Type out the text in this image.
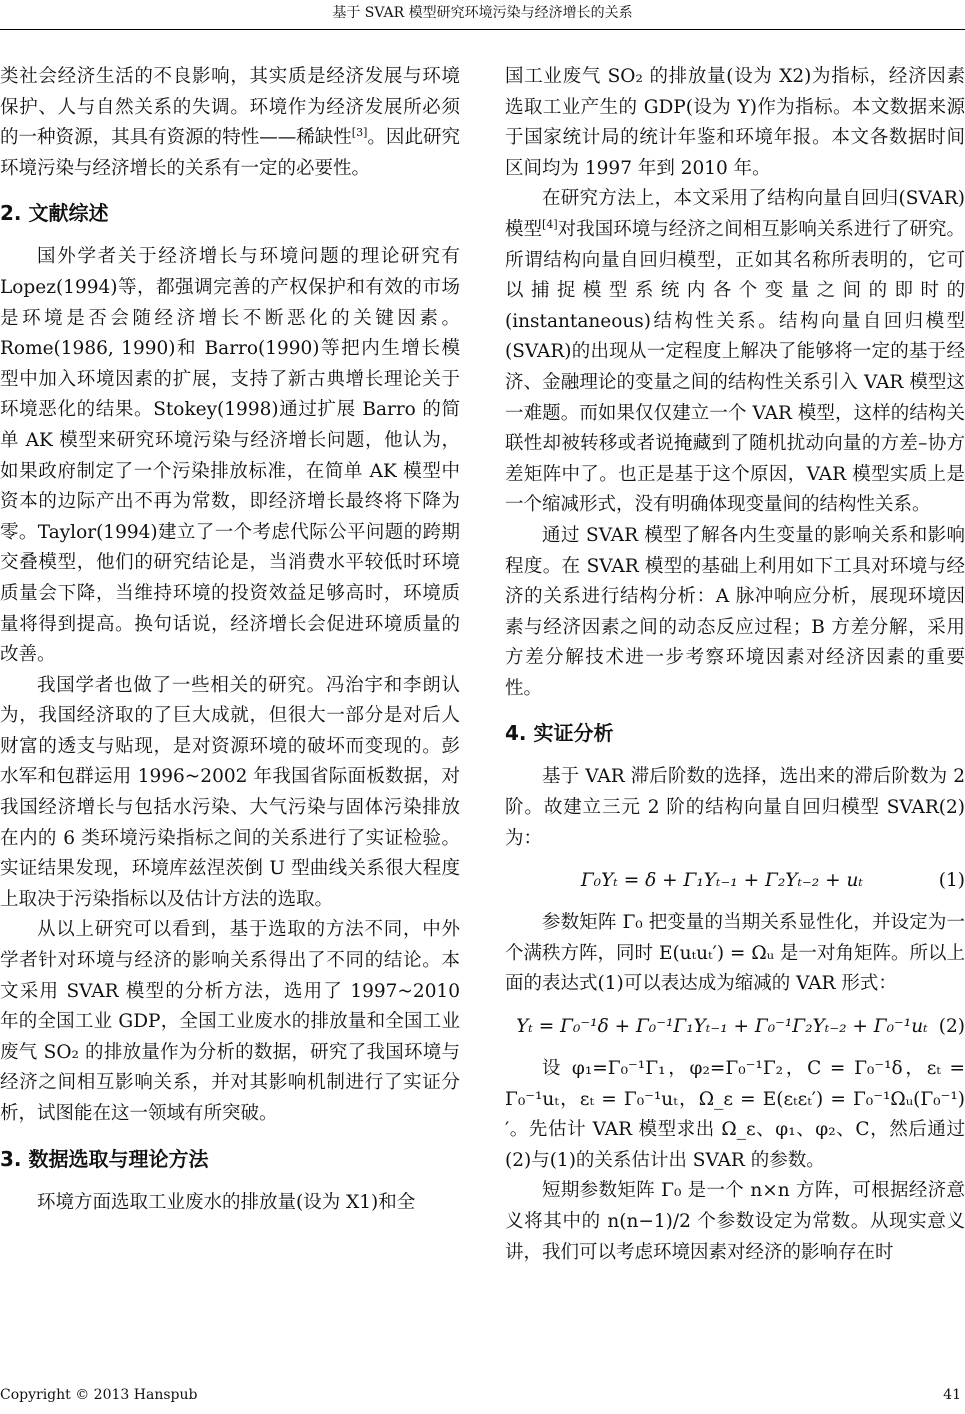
基于 SVAR 模型研究环境污染与经济增长的关系

类社会经济生活的不良影响，其实质是经济发展与环境保护、人与自然关系的失调。环境作为经济发展所必须的一种资源，其具有资源的特性——稀缺性[3]。因此研究环境污染与经济增长的关系有一定的必要性。

2. 文献综述

国外学者关于经济增长与环境问题的理论研究有 Lopez(1994)等，都强调完善的产权保护和有效的市场是环境是否会随经济增长不断恶化的关键因素。Rome(1986, 1990)和 Barro(1990)等把内生增长模型中加入环境因素的扩展，支持了新古典增长理论关于环境恶化的结果。Stokey(1998)通过扩展 Barro 的简单 AK 模型来研究环境污染与经济增长问题，他认为，如果政府制定了一个污染排放标准，在简单 AK 模型中资本的边际产出不再为常数，即经济增长最终将下降为零。Taylor(1994)建立了一个考虑代际公平问题的跨期交叠模型，他们的研究结论是，当消费水平较低时环境质量会下降，当维持环境的投资效益足够高时，环境质量将得到提高。换句话说，经济增长会促进环境质量的改善。

我国学者也做了一些相关的研究。冯治宇和李朗认为，我国经济取的了巨大成就，但很大一部分是对后人财富的透支与贴现，是对资源环境的破坏而变现的。彭水军和包群运用 1996~2002 年我国省际面板数据，对我国经济增长与包括水污染、大气污染与固体污染排放在内的 6 类环境污染指标之间的关系进行了实证检验。实证结果发现，环境库兹涅茨倒 U 型曲线关系很大程度上取决于污染指标以及估计方法的选取。

从以上研究可以看到，基于选取的方法不同，中外学者针对环境与经济的影响关系得出了不同的结论。本文采用 SVAR 模型的分析方法，选用了 1997~2010 年的全国工业 GDP，全国工业废水的排放量和全国工业废气 SO₂ 的排放量作为分析的数据，研究了我国环境与经济之间相互影响关系，并对其影响机制进行了实证分析，试图能在这一领域有所突破。

3. 数据选取与理论方法

环境方面选取工业废水的排放量(设为 X1)和全

国工业废气 SO₂ 的排放量(设为 X2)为指标，经济因素选取工业产生的 GDP(设为 Y)作为指标。本文数据来源于国家统计局的统计年鉴和环境年报。本文各数据时间区间均为 1997 年到 2010 年。

在研究方法上，本文采用了结构向量自回归(SVAR)模型[4]对我国环境与经济之间相互影响关系进行了研究。所谓结构向量自回归模型，正如其名称所表明的，它可以捕捉模型系统内各个变量之间的即时的(instantaneous)结构性关系。结构向量自回归模型(SVAR)的出现从一定程度上解决了能够将一定的基于经济、金融理论的变量之间的结构性关系引入 VAR 模型这一难题。而如果仅仅建立一个 VAR 模型，这样的结构关联性却被转移或者说掩藏到了随机扰动向量的方差–协方差矩阵中了。也正是基于这个原因，VAR 模型实质上是一个缩减形式，没有明确体现变量间的结构性关系。

通过 SVAR 模型了解各内生变量的影响关系和影响程度。在 SVAR 模型的基础上利用如下工具对环境与经济的关系进行结构分析：A 脉冲响应分析，展现环境因素与经济因素之间的动态反应过程；B 方差分解，采用方差分解技术进一步考察环境因素对经济因素的重要性。

4. 实证分析

基于 VAR 滞后阶数的选择，选出来的滞后阶数为 2 阶。故建立三元 2 阶的结构向量自回归模型 SVAR(2)为：

Γ₀Yₜ = δ + Γ₁Yₜ₋₁ + Γ₂Yₜ₋₂ + uₜ	(1)

参数矩阵 Γ₀ 把变量的当期关系显性化，并设定为一个满秩方阵，同时 E(uₜuₜ′) = Ωᵤ 是一对角矩阵。所以上面的表达式(1)可以表达成为缩减的 VAR 形式：

Yₜ = Γ₀⁻¹δ + Γ₀⁻¹Γ₁Yₜ₋₁ + Γ₀⁻¹Γ₂Yₜ₋₂ + Γ₀⁻¹uₜ (2)

设 φ₁=Γ₀⁻¹Γ₁，φ₂=Γ₀⁻¹Γ₂，C = Γ₀⁻¹δ，εₜ = Γ₀⁻¹uₜ，εₜ = Γ₀⁻¹uₜ，Ω_ε = E(εₜεₜ′) = Γ₀⁻¹Ωᵤ(Γ₀⁻¹)′。先估计 VAR 模型求出 Ω_ε、φ₁、φ₂、C，然后通过(2)与(1)的关系估计出 SVAR 的参数。

短期参数矩阵 Γ₀ 是一个 n×n 方阵，可根据经济意义将其中的 n(n−1)/2 个参数设定为常数。从现实意义讲，我们可以考虑环境因素对经济的影响存在时

Copyright © 2013 Hanspub	41
